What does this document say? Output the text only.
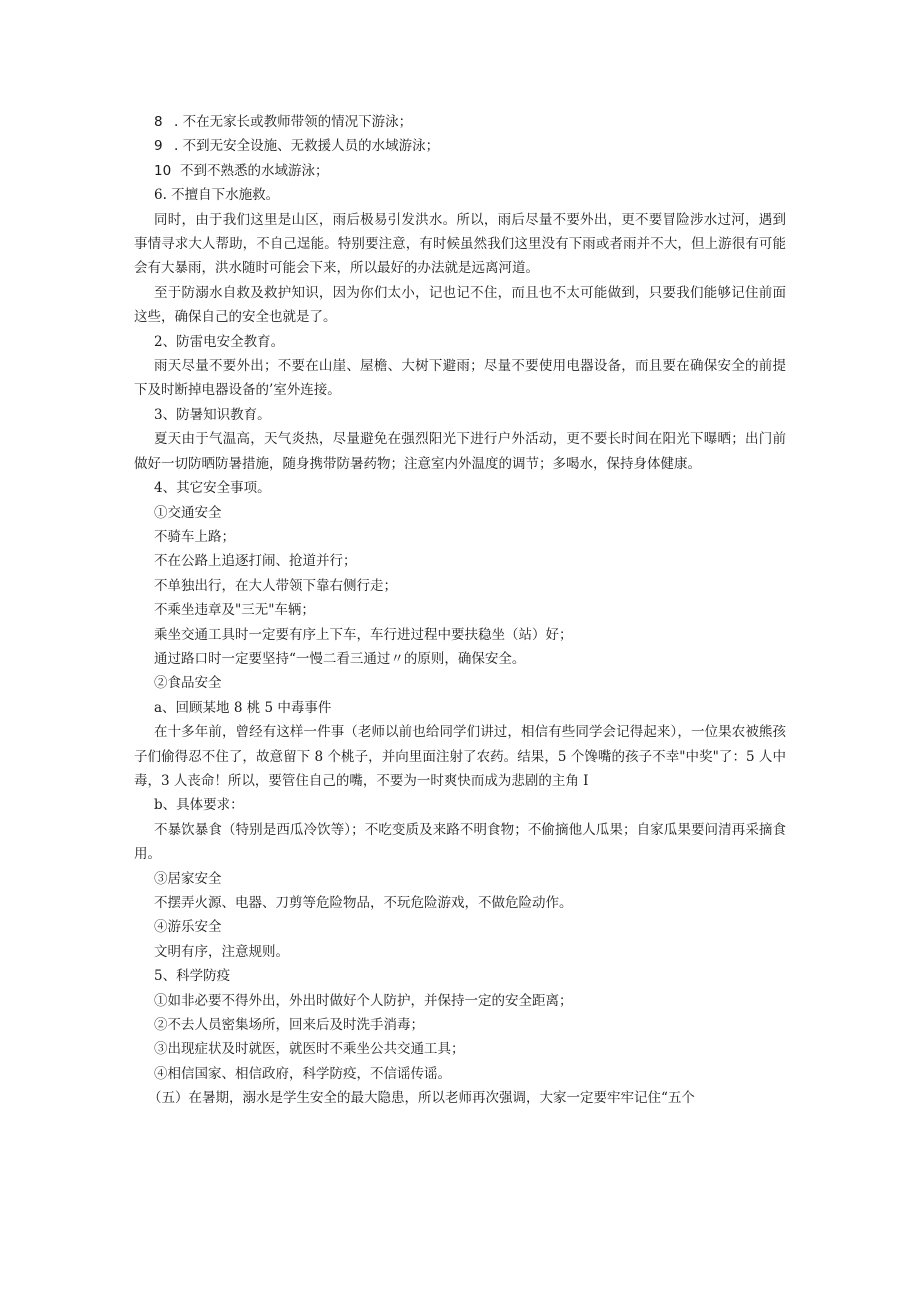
8 . 不在无家长或教师带领的情况下游泳；

9 . 不到无安全设施、无救援人员的水域游泳；

10 不到不熟悉的水域游泳；

6. 不擅自下水施救。

同时，由于我们这里是山区，雨后极易引发洪水。所以，雨后尽量不要外出，更不要冒险涉水过河，遇到事情寻求大人帮助，不自己逞能。特别要注意，有时候虽然我们这里没有下雨或者雨并不大，但上游很有可能会有大暴雨，洪水随时可能会下来，所以最好的办法就是远离河道。

至于防溺水自救及救护知识，因为你们太小，记也记不住，而且也不太可能做到，只要我们能够记住前面这些，确保自己的安全也就是了。

2、防雷电安全教育。

雨天尽量不要外出；不要在山崖、屋檐、大树下避雨；尽量不要使用电器设备，而且要在确保安全的前提下及时断掉电器设备的’室外连接。

3、防暑知识教育。

夏天由于气温高，天气炎热，尽量避免在强烈阳光下进行户外活动，更不要长时间在阳光下曝晒；出门前做好一切防晒防暑措施，随身携带防暑药物；注意室内外温度的调节；多喝水，保持身体健康。

4、其它安全事项。

①交通安全

不骑车上路；

不在公路上追逐打闹、抢道并行；

不单独出行，在大人带领下靠右侧行走；

不乘坐违章及"三无"车辆；

乘坐交通工具时一定要有序上下车，车行进过程中要扶稳坐（站）好；

通过路口时一定要坚持“一慢二看三通过〃的原则，确保安全。

②食品安全

a、回顾某地 8 桃 5 中毒事件

在十多年前，曾经有这样一件事（老师以前也给同学们讲过，相信有些同学会记得起来），一位果农被熊孩子们偷得忍不住了，故意留下 8 个桃子，并向里面注射了农药。结果，5 个馋嘴的孩子不幸"中奖"了：5 人中毒，3 人丧命！所以，要管住自己的嘴，不要为一时爽快而成为悲剧的主角 I

b、具体要求：

不暴饮暴食（特别是西瓜冷饮等）；不吃变质及来路不明食物；不偷摘他人瓜果；自家瓜果要问清再采摘食用。

③居家安全

不摆弄火源、电器、刀剪等危险物品，不玩危险游戏，不做危险动作。

④游乐安全

文明有序，注意规则。

5、科学防疫

①如非必要不得外出，外出时做好个人防护，并保持一定的安全距离；

②不去人员密集场所，回来后及时洗手消毒；

③出现症状及时就医，就医时不乘坐公共交通工具；

④相信国家、相信政府，科学防疫，不信谣传谣。

（五）在暑期，溺水是学生安全的最大隐患，所以老师再次强调，大家一定要牢牢记住“五个
